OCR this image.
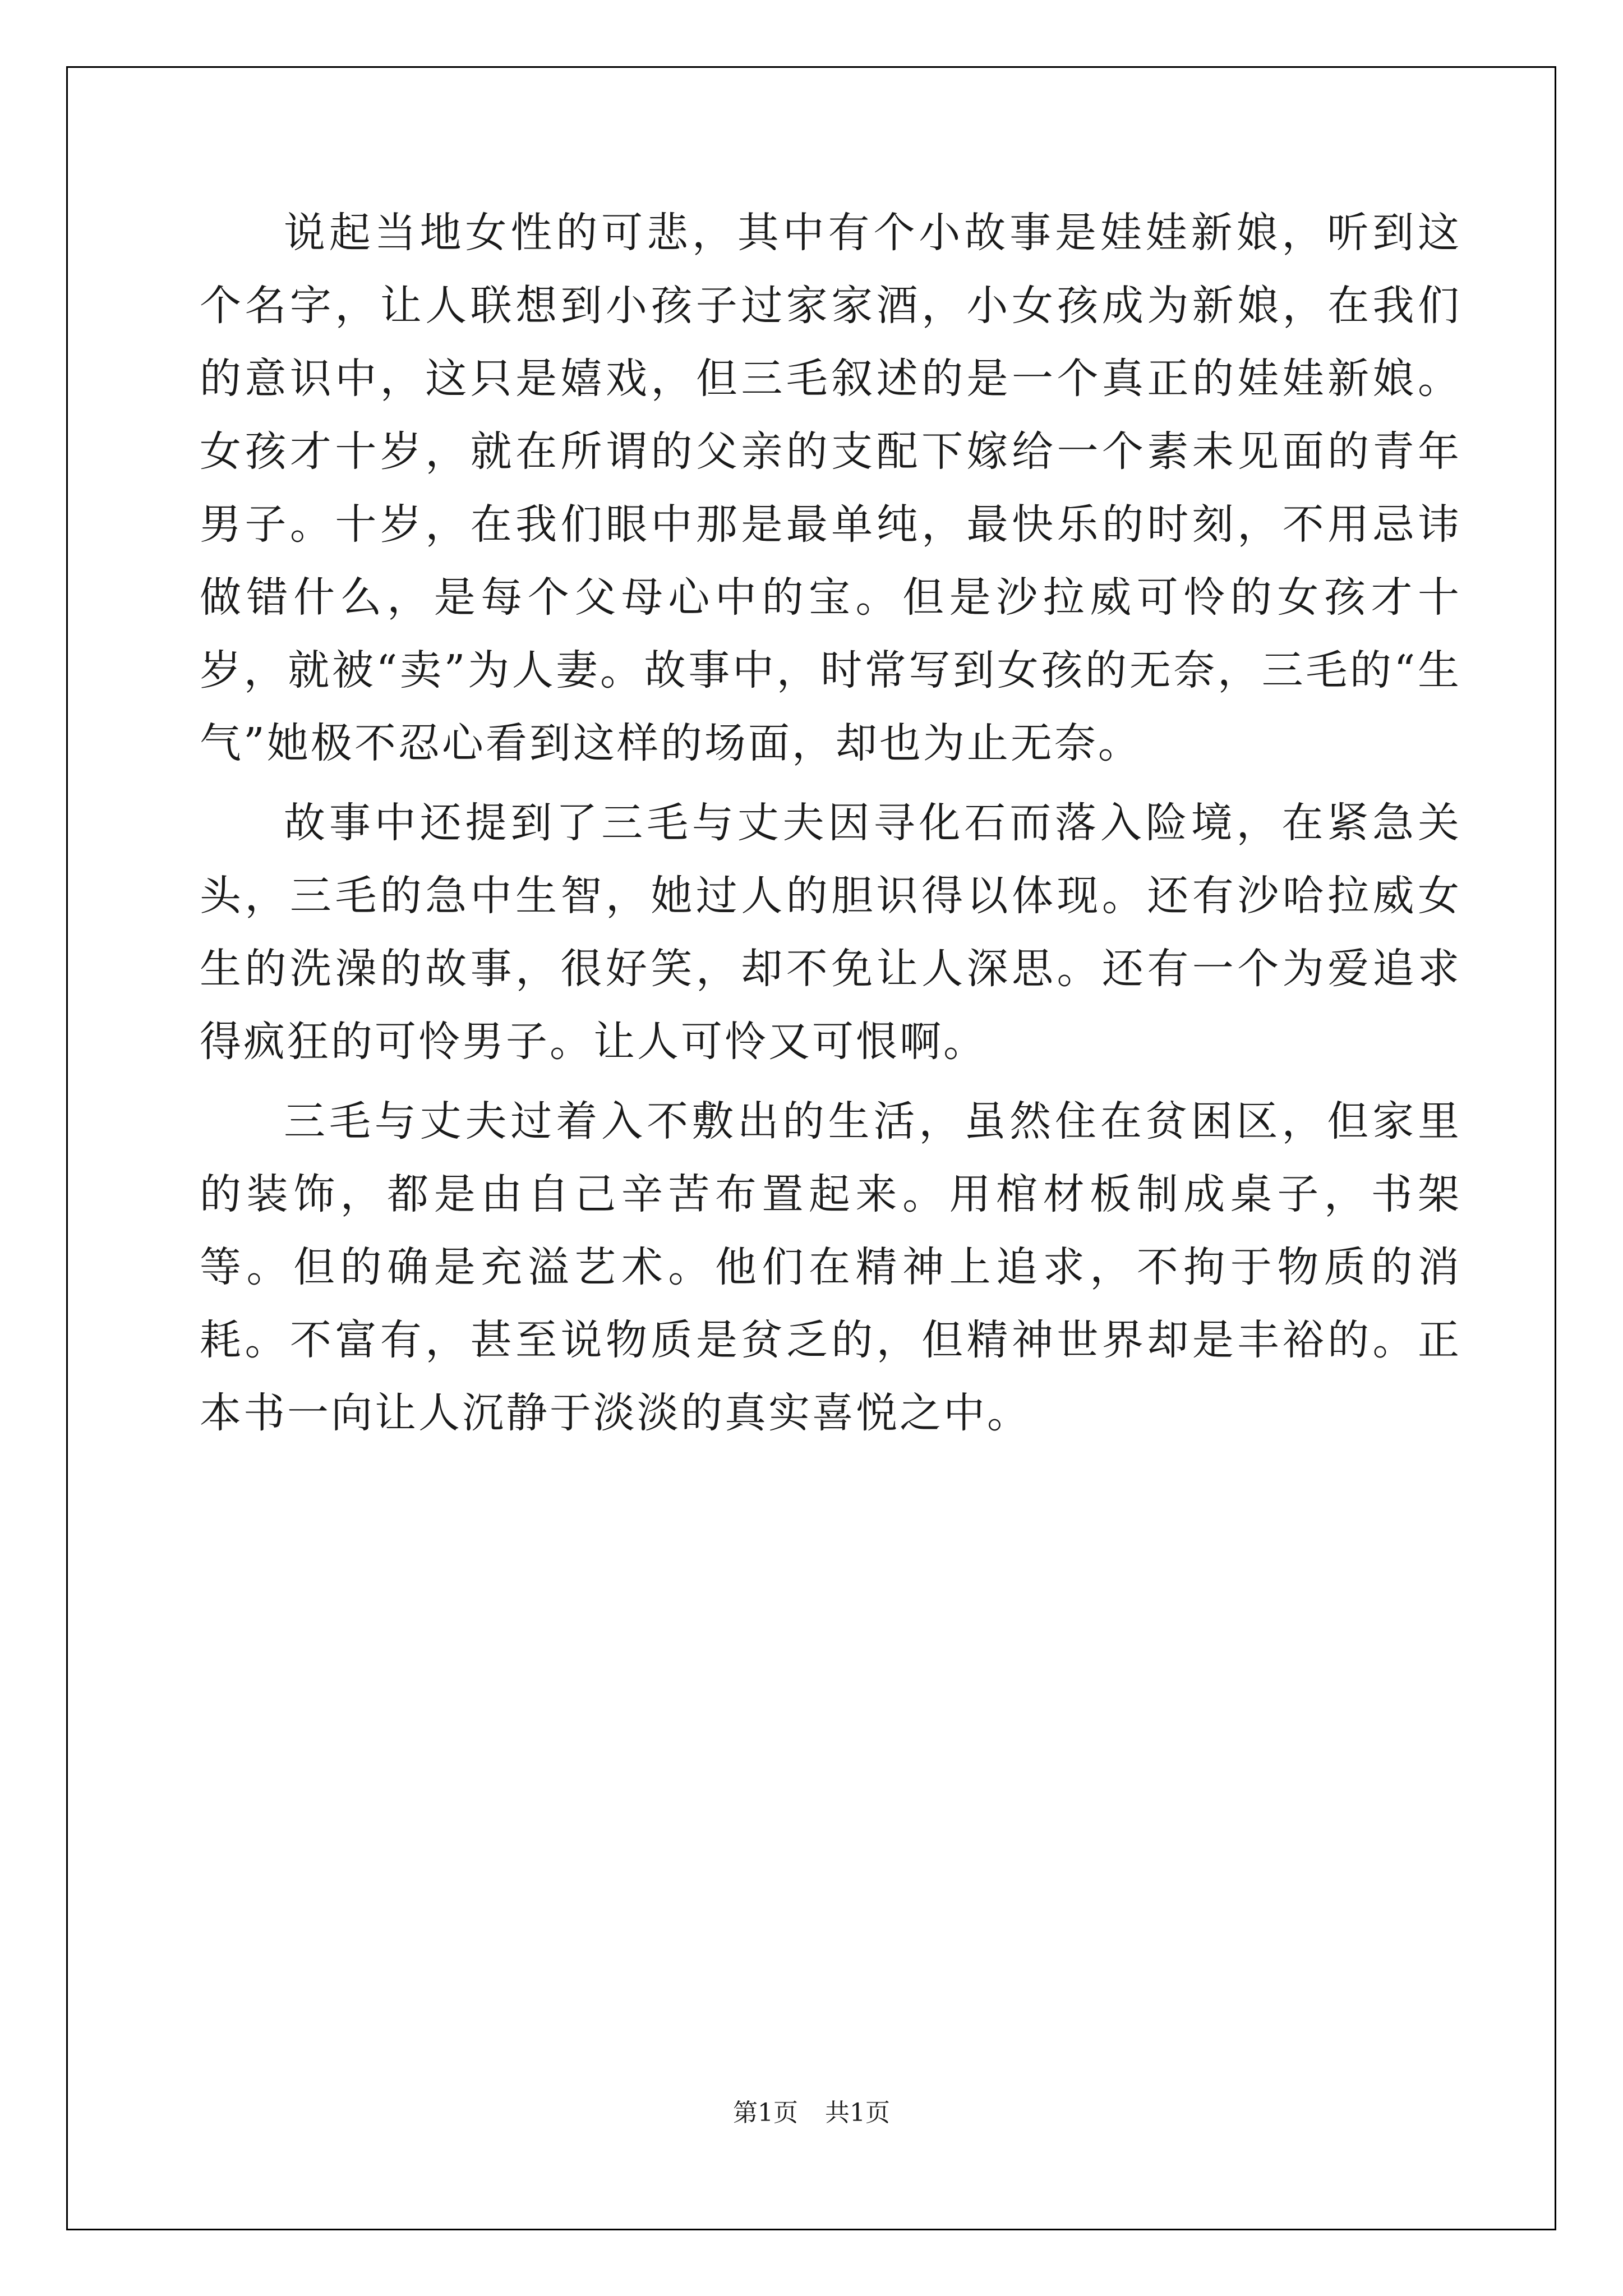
说起当地女性的可悲，其中有个小故事是娃娃新娘，听到这个名字，让人联想到小孩子过家家酒，小女孩成为新娘，在我们的意识中，这只是嬉戏，但三毛叙述的是一个真正的娃娃新娘。女孩才十岁，就在所谓的父亲的支配下嫁给一个素未见面的青年男子。十岁，在我们眼中那是最单纯，最快乐的时刻，不用忌讳做错什么，是每个父母心中的宝。但是沙拉威可怜的女孩才十岁，就被“卖”为人妻。故事中，时常写到女孩的无奈，三毛的“生气”她极不忍心看到这样的场面，却也为止无奈。

故事中还提到了三毛与丈夫因寻化石而落入险境，在紧急关头，三毛的急中生智，她过人的胆识得以体现。还有沙哈拉威女生的洗澡的故事，很好笑，却不免让人深思。还有一个为爱追求得疯狂的可怜男子。让人可怜又可恨啊。

三毛与丈夫过着入不敷出的生活，虽然住在贫困区，但家里的装饰，都是由自己辛苦布置起来。用棺材板制成桌子，书架等。但的确是充溢艺术。他们在精神上追求，不拘于物质的消耗。不富有，甚至说物质是贫乏的，但精神世界却是丰裕的。正本书一向让人沉静于淡淡的真实喜悦之中。

第1页 共1页
